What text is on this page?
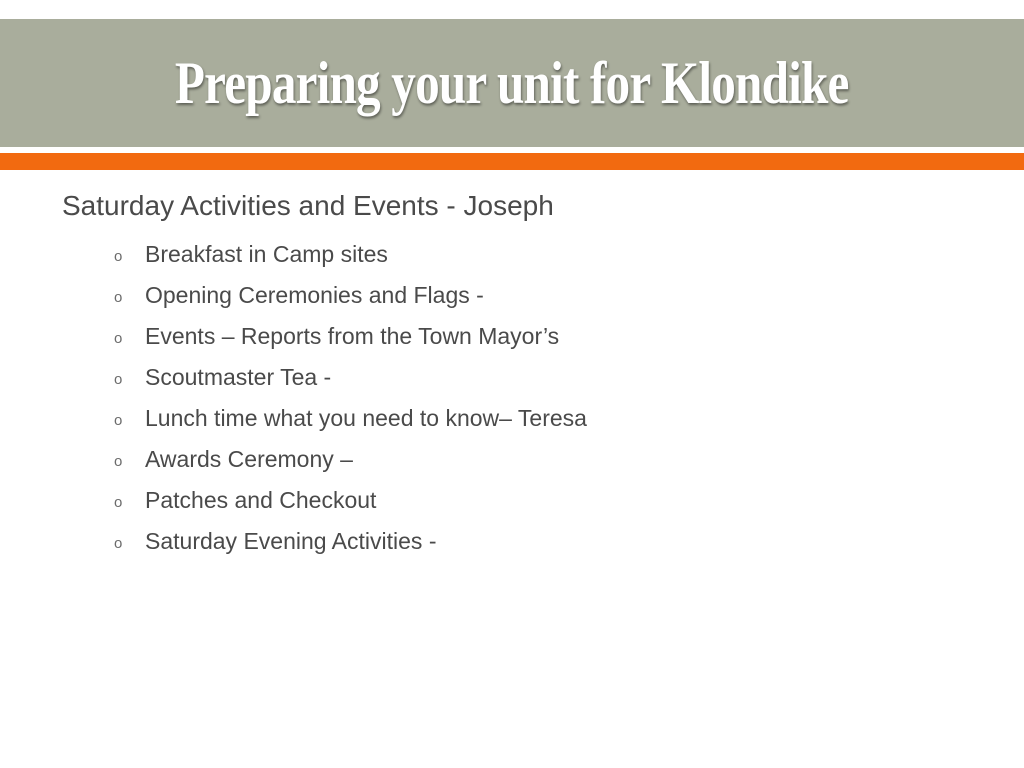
Preparing your unit for Klondike
Saturday Activities and Events - Joseph
o Breakfast in Camp sites
o Opening Ceremonies and Flags -
o Events – Reports from the Town Mayor’s
o Scoutmaster Tea -
o Lunch time what you need to know– Teresa
o Awards Ceremony –
o Patches and Checkout
o Saturday Evening Activities -
